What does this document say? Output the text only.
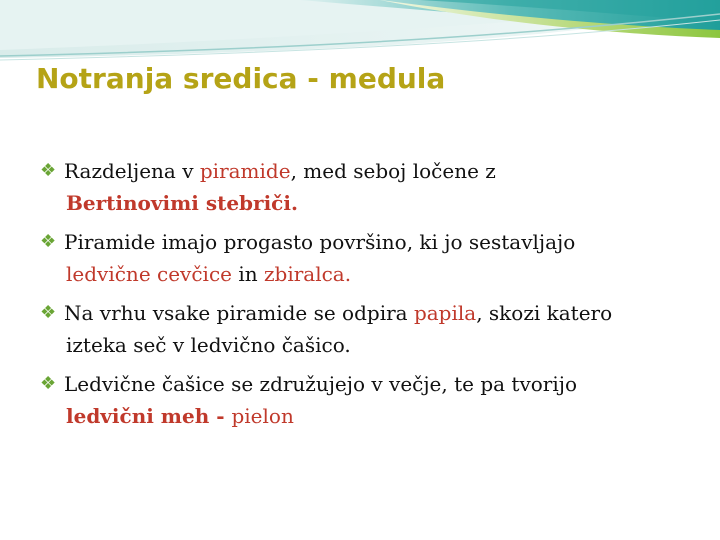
Notranja sredica - medula
❖ Razdeljena v piramide, med seboj ločene z
Bertinovimi stebriči.
❖ Piramide imajo progasto površino, ki jo sestavljajo
ledvične cevčice in zbiralca.
❖ Na vrhu vsake piramide se odpira papila, skozi katero
izteka seč v ledvično čašico.
❖ Ledvične čašice se združujejo v večje, te pa tvorijo
ledvični meh - pielon
